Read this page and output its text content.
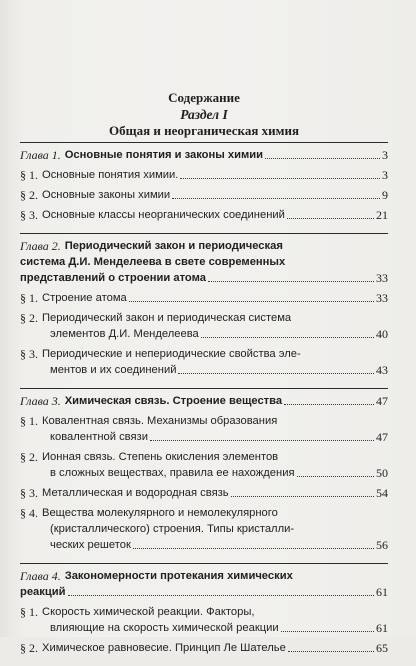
Содержание
Раздел I
Общая и неорганическая химия
Глава 1. Основные понятия и законы химии	3
§ 1. Основные понятия химии.	3
§ 2. Основные законы химии	9
§ 3. Основные классы неорганических соединений	21
Глава 2. Периодический закон и периодическая
система Д.И. Менделеева в свете современных
представлений о строении атома	33
§ 1. Строение атома	33
§ 2. Периодический закон и периодическая система
элементов Д.И. Менделеева	40
§ 3. Периодические и непериодические свойства эле-
ментов и их соединений	43
Глава 3. Химическая связь. Строение вещества	47
§ 1. Ковалентная связь. Механизмы образования
ковалентной связи	47
§ 2. Ионная связь. Степень окисления элементов
в сложных веществах, правила ее нахождения	50
§ 3. Металлическая и водородная связь	54
§ 4. Вещества молекулярного и немолекулярного
(кристаллического) строения. Типы кристалли-
ческих решеток	56
Глава 4. Закономерности протекания химических
реакций	61
§ 1. Скорость химической реакции. Факторы,
влияющие на скорость химической реакции	61
§ 2. Химическое равновесие. Принцип Ле Шателье	65
